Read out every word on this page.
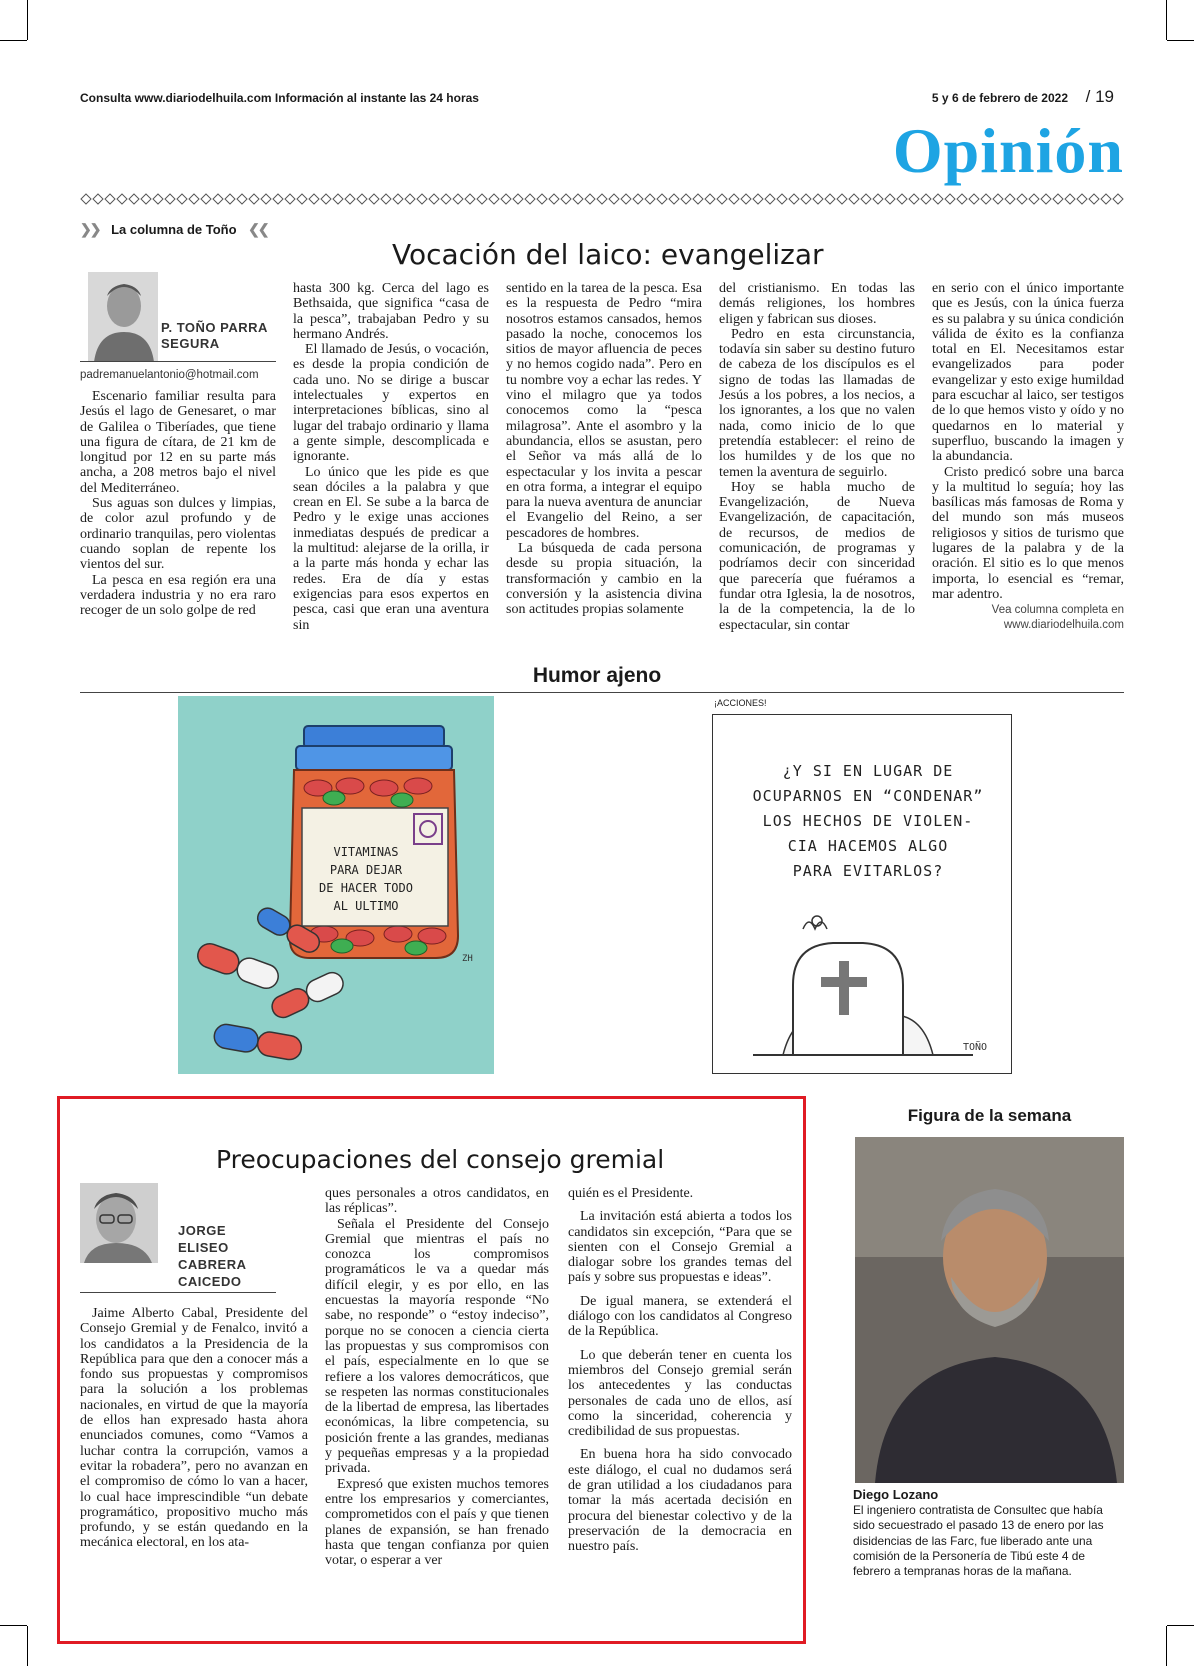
Consulta www.diariodelhuila.com Información al instante las 24 horas	5 y 6 de febrero de 2022 / 19
Opinión
❯❯ La columna de Toño ❮❮
Vocación del laico: evangelizar
P. TOÑO PARRA
SEGURA
padremanuelantonio@hotmail.com

Escenario familiar resulta para Jesús el lago de Genesaret, o mar de Galilea o Tiberíades, que tiene una figura de cítara, de 21 km de longitud por 12 en su parte más ancha, a 208 metros bajo el nivel del Mediterráneo.

Sus aguas son dulces y limpias, de color azul profundo y de ordinario tranquilas, pero violentas cuando soplan de repente los vientos del sur.

La pesca en esa región era una verdadera industria y no era raro recoger de un solo golpe de red

hasta 300 kg. Cerca del lago es Bethsaida, que significa “casa de la pesca”, trabajaban Pedro y su hermano Andrés.

El llamado de Jesús, o vocación, es desde la propia condición de cada uno. No se dirige a buscar intelectuales y expertos en interpretaciones bíblicas, sino al lugar del trabajo ordinario y llama a gente simple, descomplicada e ignorante.

Lo único que les pide es que sean dóciles a la palabra y que crean en El. Se sube a la barca de Pedro y le exige unas acciones inmediatas después de predicar a la multitud: alejarse de la orilla, ir a la parte más honda y echar las redes. Era de día y estas exigencias para esos expertos en pesca, casi que eran una aventura sin

sentido en la tarea de la pesca. Esa es la respuesta de Pedro “mira nosotros estamos cansados, hemos pasado la noche, conocemos los sitios de mayor afluencia de peces y no hemos cogido nada”. Pero en tu nombre voy a echar las redes. Y vino el milagro que ya todos conocemos como la “pesca milagrosa”. Ante el asombro y la abundancia, ellos se asustan, pero el Señor va más allá de lo espectacular y los invita a pescar en otra forma, a integrar el equipo para la nueva aventura de anunciar el Evangelio del Reino, a ser pescadores de hombres.

La búsqueda de cada persona desde su propia situación, la transformación y cambio en la conversión y la asistencia divina son actitudes propias solamente

del cristianismo. En todas las demás religiones, los hombres eligen y fabrican sus dioses.

Pedro en esta circunstancia, todavía sin saber su destino futuro de cabeza de los discípulos es el signo de todas las llamadas de Jesús a los pobres, a los necios, a los ignorantes, a los que no valen nada, como inicio de lo que pretendía establecer: el reino de los humildes y de los que no temen la aventura de seguirlo.

Hoy se habla mucho de Evangelización, de Nueva Evangelización, de capacitación, de recursos, de medios de comunicación, de programas y podríamos decir con sinceridad que parecería que fuéramos a fundar otra Iglesia, la de nosotros, la de la competencia, la de lo espectacular, sin contar

en serio con el único importante que es Jesús, con la única fuerza es su palabra y su única condición válida de éxito es la confianza total en El. Necesitamos estar evangelizados para poder evangelizar y esto exige humildad para escuchar al laico, ser testigos de lo que hemos visto y oído y no quedarnos en lo material y superfluo, buscando la imagen y la abundancia.

Cristo predicó sobre una barca y la multitud lo seguía; hoy las basílicas más famosas de Roma y del mundo son más museos religiosos y sitios de turismo que lugares de la palabra y de la oración. El sitio es lo que menos importa, lo esencial es “remar, mar adentro.

Vea columna completa en
www.diariodelhuila.com
Humor ajeno
VITAMINAS
PARA DEJAR
DE HACER TODO
AL ULTIMO
ZH
¡ACCIONES!
¿Y SI EN LUGAR DE
OCUPARNOS EN “CONDENAR”
LOS HECHOS DE VIOLEN-
CIA HACEMOS ALGO
PARA EVITARLOS?
TOÑO
Preocupaciones del consejo gremial
JORGE
ELISEO
CABRERA
CAICEDO

Jaime Alberto Cabal, Presidente del Consejo Gremial y de Fenalco, invitó a los candidatos a la Presidencia de la República para que den a conocer más a fondo sus propuestas y compromisos para la solución a los problemas nacionales, en virtud de que la mayoría de ellos han expresado hasta ahora enunciados comunes, como “Vamos a luchar contra la corrupción, vamos a evitar la robadera”, pero no avanzan en el compromiso de cómo lo van a hacer, lo cual hace imprescindible “un debate programático, propositivo mucho más profundo, y se están quedando en la mecánica electoral, en los ata-

ques personales a otros candidatos, en las réplicas”.

Señala el Presidente del Consejo Gremial que mientras el país no conozca los compromisos programáticos le va a quedar más difícil elegir, y es por ello, en las encuestas la mayoría responde “No sabe, no responde” o “estoy indeciso”, porque no se conocen a ciencia cierta las propuestas y sus compromisos con el país, especialmente en lo que se refiere a los valores democráticos, que se respeten las normas constitucionales de la libertad de empresa, las libertades económicas, la libre competencia, su posición frente a las grandes, medianas y pequeñas empresas y a la propiedad privada.

Expresó que existen muchos temores entre los empresarios y comerciantes, comprometidos con el país y que tienen planes de expansión, se han frenado hasta que tengan confianza por quien votar, o esperar a ver

quién es el Presidente.

La invitación está abierta a todos los candidatos sin excepción, “Para que se sienten con el Consejo Gremial a dialogar sobre los grandes temas del país y sobre sus propuestas e ideas”.

De igual manera, se extenderá el diálogo con los candidatos al Congreso de la República.

Lo que deberán tener en cuenta los miembros del Consejo gremial serán los antecedentes y las conductas personales de cada uno de ellos, así como la sinceridad, coherencia y credibilidad de sus propuestas.

En buena hora ha sido convocado este diálogo, el cual no dudamos será de gran utilidad a los ciudadanos para tomar la más acertada decisión en procura del bienestar colectivo y de la preservación de la democracia en nuestro país.

Figura de la semana
Diego Lozano
El ingeniero contratista de Consultec que había sido secuestrado el pasado 13 de enero por las disidencias de las Farc, fue liberado ante una comisión de la Personería de Tibú este 4 de febrero a tempranas horas de la mañana.
